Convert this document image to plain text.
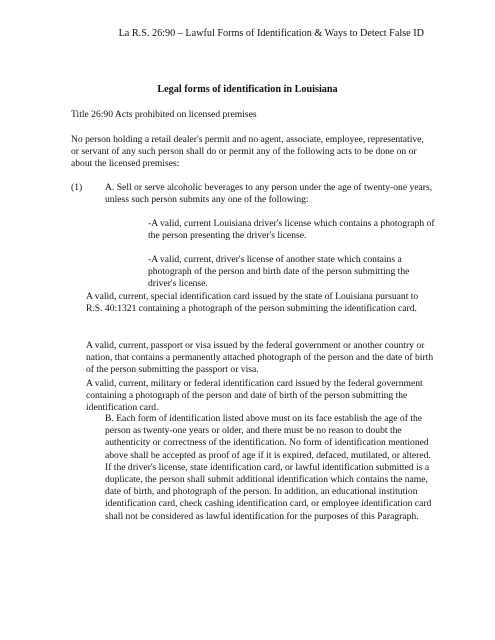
La R.S. 26:90 – Lawful Forms of Identification & Ways to Detect False ID
Legal forms of identification in Louisiana
Title 26:90 Acts prohibited on licensed premises
No person holding a retail dealer's permit and no agent, associate, employee, representative, or servant of any such person shall do or permit any of the following acts to be done on or about the licensed premises:
(1)	A. Sell or serve alcoholic beverages to any person under the age of twenty-one years, unless such person submits any one of the following:
-A valid, current Louisiana driver's license which contains a photograph of the person presenting the driver's license.
-A valid, current, driver's license of another state which contains a photograph of the person and birth date of the person submitting the driver's license.
A valid, current, special identification card issued by the state of Louisiana pursuant to R.S. 40:1321 containing a photograph of the person submitting the identification card.
A valid, current, passport or visa issued by the federal government or another country or nation, that contains a permanently attached photograph of the person and the date of birth of the person submitting the passport or visa.
A valid, current, military or federal identification card issued by the federal government containing a photograph of the person and date of birth of the person submitting the identification card.
B. Each form of identification listed above must on its face establish the age of the person as twenty-one years or older, and there must be no reason to doubt the authenticity or correctness of the identification. No form of identification mentioned above shall be accepted as proof of age if it is expired, defaced, mutilated, or altered. If the driver's license, state identification card, or lawful identification submitted is a duplicate, the person shall submit additional identification which contains the name, date of birth, and photograph of the person. In addition, an educational institution identification card, check cashing identification card, or employee identification card shall not be considered as lawful identification for the purposes of this Paragraph.
